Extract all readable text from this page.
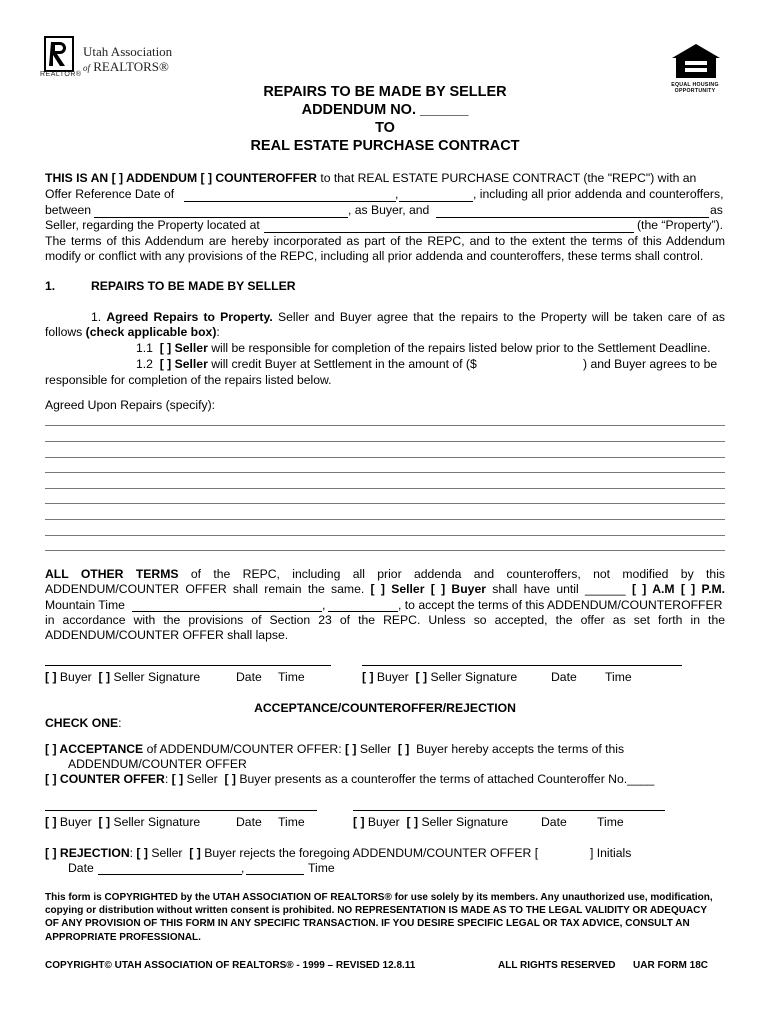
Utah Association
of REALTORS®
REALTOR®
EQUAL HOUSING
OPPORTUNITY
REPAIRS TO BE MADE BY SELLER
ADDENDUM NO. ______
TO
REAL ESTATE PURCHASE CONTRACT
THIS IS AN [ ] ADDENDUM [ ] COUNTEROFFER to that REAL ESTATE PURCHASE CONTRACT (the "REPC") with an
Offer Reference Date of	,	, including all prior addenda and counteroffers,
between	, as Buyer, and	as
Seller, regarding the Property located at	(the “Property”).
The terms of this Addendum are hereby incorporated as part of the REPC, and to the extent the terms of this Addendum
modify or conflict with any provisions of the REPC, including all prior addenda and counteroffers, these terms shall control.
1.	REPAIRS TO BE MADE BY SELLER
1. Agreed Repairs to Property. Seller and Buyer agree that the repairs to the Property will be taken care of as
follows (check applicable box):
1.1 [ ] Seller will be responsible for completion of the repairs listed below prior to the Settlement Deadline.
1.2 [ ] Seller will credit Buyer at Settlement in the amount of ($	) and Buyer agrees to be
responsible for completion of the repairs listed below.
Agreed Upon Repairs (specify):
ALL OTHER TERMS of the REPC, including all prior addenda and counteroffers, not modified by this
ADDENDUM/COUNTER OFFER shall remain the same. [ ] Seller [ ] Buyer shall have until ______ [ ] A.M [ ] P.M.
Mountain Time	,	, to accept the terms of this ADDENDUM/COUNTEROFFER
in accordance with the provisions of Section 23 of the REPC. Unless so accepted, the offer as set forth in the
ADDENDUM/COUNTER OFFER shall lapse.
[ ] Buyer [ ] Seller Signature	Date Time	[ ] Buyer [ ] Seller Signature	Date Time
ACCEPTANCE/COUNTEROFFER/REJECTION
CHECK ONE:
[ ] ACCEPTANCE of ADDENDUM/COUNTER OFFER: [ ] Seller [ ] Buyer hereby accepts the terms of this
ADDENDUM/COUNTER OFFER
[ ] COUNTER OFFER: [ ] Seller [ ] Buyer presents as a counteroffer the terms of attached Counteroffer No.____
[ ] Buyer [ ] Seller Signature	Date Time	[ ] Buyer [ ] Seller Signature	Date Time
[ ] REJECTION: [ ] Seller [ ] Buyer rejects the foregoing ADDENDUM/COUNTER OFFER [	] Initials
Date	,	Time
This form is COPYRIGHTED by the UTAH ASSOCIATION OF REALTORS® for use solely by its members. Any unauthorized use, modification,
copying or distribution without written consent is prohibited. NO REPRESENTATION IS MADE AS TO THE LEGAL VALIDITY OR ADEQUACY
OF ANY PROVISION OF THIS FORM IN ANY SPECIFIC TRANSACTION. IF YOU DESIRE SPECIFIC LEGAL OR TAX ADVICE, CONSULT AN
APPROPRIATE PROFESSIONAL.
COPYRIGHT© UTAH ASSOCIATION OF REALTORS® - 1999 – REVISED 12.8.11	ALL RIGHTS RESERVED UAR FORM 18C
